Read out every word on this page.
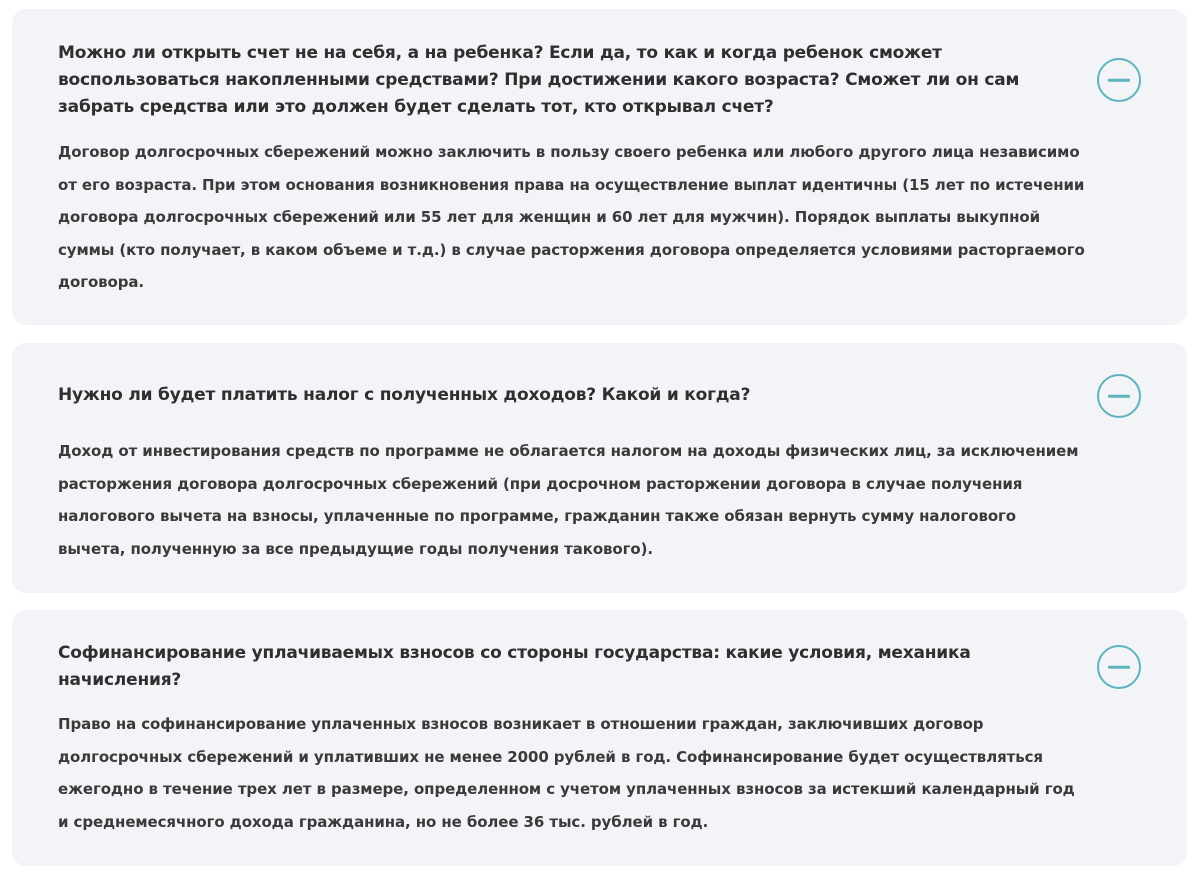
Можно ли открыть счет не на себя, а на ребенка? Если да, то как и когда ребенок сможет воспользоваться накопленными средствами? При достижении какого возраста? Сможет ли он сам забрать средства или это должен будет сделать тот, кто открывал счет?

Договор долгосрочных сбережений можно заключить в пользу своего ребенка или любого другого лица независимо от его возраста. При этом основания возникновения права на осуществление выплат идентичны (15 лет по истечении договора долгосрочных сбережений или 55 лет для женщин и 60 лет для мужчин). Порядок выплаты выкупной суммы (кто получает, в каком объеме и т.д.) в случае расторжения договора определяется условиями расторгаемого договора.

Нужно ли будет платить налог с полученных доходов? Какой и когда?

Доход от инвестирования средств по программе не облагается налогом на доходы физических лиц, за исключением расторжения договора долгосрочных сбережений (при досрочном расторжении договора в случае получения налогового вычета на взносы, уплаченные по программе, гражданин также обязан вернуть сумму налогового вычета, полученную за все предыдущие годы получения такового).

Софинансирование уплачиваемых взносов со стороны государства: какие условия, механика начисления?

Право на софинансирование уплаченных взносов возникает в отношении граждан, заключивших договор долгосрочных сбережений и уплативших не менее 2000 рублей в год. Софинансирование будет осуществляться ежегодно в течение трех лет в размере, определенном с учетом уплаченных взносов за истекший календарный год и среднемесячного дохода гражданина, но не более 36 тыс. рублей в год.
